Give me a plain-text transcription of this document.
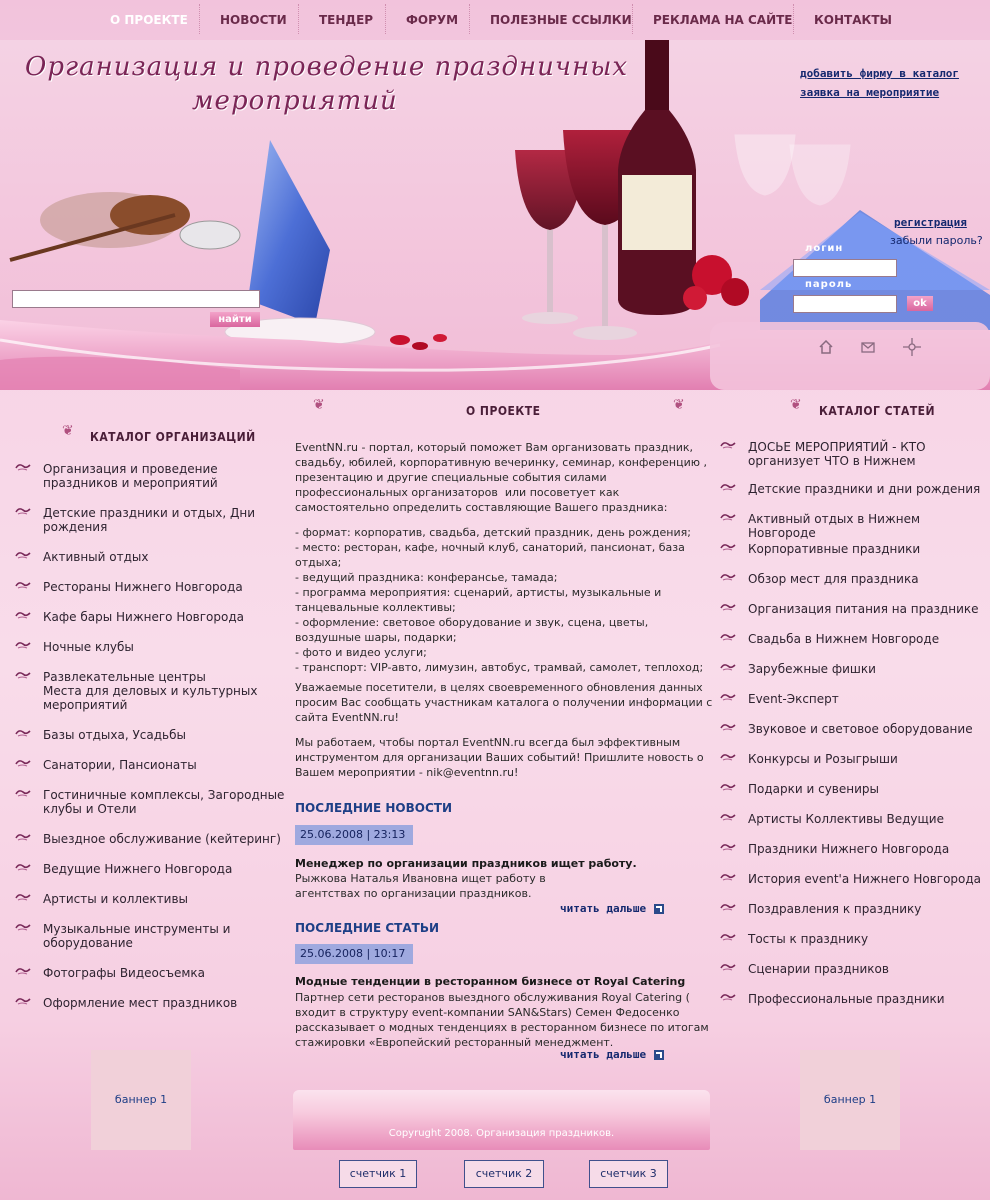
О ПРОЕКТЕ	НОВОСТИ	ТЕНДЕР	ФОРУМ	ПОЛЕЗНЫЕ ССЫЛКИ РЕКЛАМА НА САЙТЕ КОНТАКТЫ
Организация и проведение праздничных
мероприятий
добавить фирму в каталог
заявка на мероприятие
найти
регистрация
забыли пароль?
логин
пароль
ok
❦ КАТАЛОГ ОРГАНИЗАЦИЙ
Организация и проведение праздников и мероприятий
Детские праздники и отдых, Дни рождения
Активный отдых
Рестораны Нижнего Новгорода
Кафе бары Нижнего Новгорода
Ночные клубы
Развлекательные центры
Места для деловых и культурных мероприятий
Базы отдыха, Усадьбы
Санатории, Пансионаты
Гостиничные комплексы, Загородные клубы и Отели
Выездное обслуживание (кейтеринг)
Ведущие Нижнего Новгорода
Артисты и коллективы
Музыкальные инструменты и оборудование
Фотографы Видеосъемка
Оформление мест праздников
❦	О ПРОЕКТЕ	❦
EventNN.ru - портал, который поможет Вам организовать праздник, свадьбу, юбилей, корпоративную вечеринку, семинар, конференцию , презентацию и другие специальные события силами профессиональных организаторов  или посоветует как самостоятельно определить составляющие Вашего праздника:
- формат: корпоратив, свадьба, детский праздник, день рождения;
- место: ресторан, кафе, ночный клуб, санаторий, пансионат, база отдыха;
- ведущий праздника: конферансье, тамада;
- программа мероприятия: сценарий, артисты, музыкальные и танцевальные коллективы;
- оформление: световое оборудование и звук, сцена, цветы, воздушные шары, подарки;
- фото и видео услуги;
- транспорт: VIP-авто, лимузин, автобус, трамвай, самолет, теплоход;
Уважаемые посетители, в целях своевременного обновления данных просим Вас сообщать участникам каталога о получении информации с сайта EventNN.ru!
Мы работаем, чтобы портал EventNN.ru всегда был эффективным инструментом для организации Ваших событий! Пришлите новость о Вашем мероприятии - nik@eventnn.ru!
ПОСЛЕДНИЕ НОВОСТИ
25.06.2008 | 23:13
Менеджер по организации праздников ищет работу.
Рыжкова Наталья Ивановна ищет работу в
агентствах по организации праздников.
читать дальше
ПОСЛЕДНИЕ СТАТЬИ
25.06.2008 | 10:17
Модные тенденции в ресторанном бизнесе от Royal Catering
Партнер сети ресторанов выездного обслуживания Royal Catering ( входит в структуру event-компании SAN&Stars) Семен Федосенко рассказывает о модных тенденциях в ресторанном бизнесе по итогам стажировки «Европейский ресторанный менеджмент.
читать дальше
❦ КАТАЛОГ СТАТЕЙ
ДОСЬЕ МЕРОПРИЯТИЙ - КТО организует ЧТО в Нижнем
Детские праздники и дни рождения
Активный отдых в Нижнем Новгороде
Корпоративные праздники
Обзор мест для праздника
Организация питания на празднике
Свадьба в Нижнем Новгороде
Зарубежные фишки
Event-Эксперт
Звуковое и световое оборудование
Конкурсы и Розыгрыши
Подарки и сувениры
Артисты Коллективы Ведущие
Праздники Нижнего Новгорода
История event'a Нижнего Новгорода
Поздравления к празднику
Тосты к празднику
Сценарии праздников
Профессиональные праздники
баннер 1	баннер 1
Copyrught 2008. Организация праздников.
счетчик 1	счетчик 2	счетчик 3
